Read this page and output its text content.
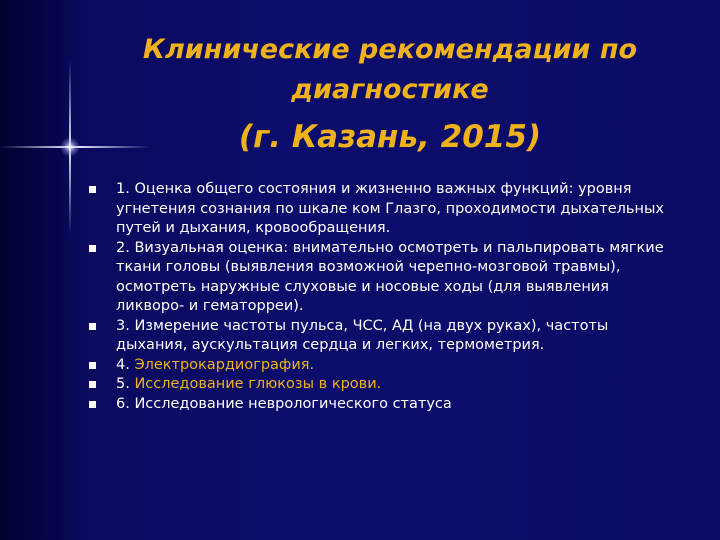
Клинические рекомендации по
диагностике
(г. Казань, 2015)
1. Оценка общего состояния и жизненно важных функций: уровня угнетения сознания по шкале ком Глазго, проходимости дыхательных путей и дыхания, кровообращения.
2. Визуальная оценка: внимательно осмотреть и пальпировать мягкие ткани головы (выявления возможной черепно-мозговой травмы), осмотреть наружные слуховые и носовые ходы (для выявления ликворо- и гематорреи).
3. Измерение частоты пульса, ЧСС, АД (на двух руках), частоты дыхания, аускультация сердца и легких, термометрия.
4. Электрокардиография.
5. Исследование глюкозы в крови.
6. Исследование неврологического статуса
